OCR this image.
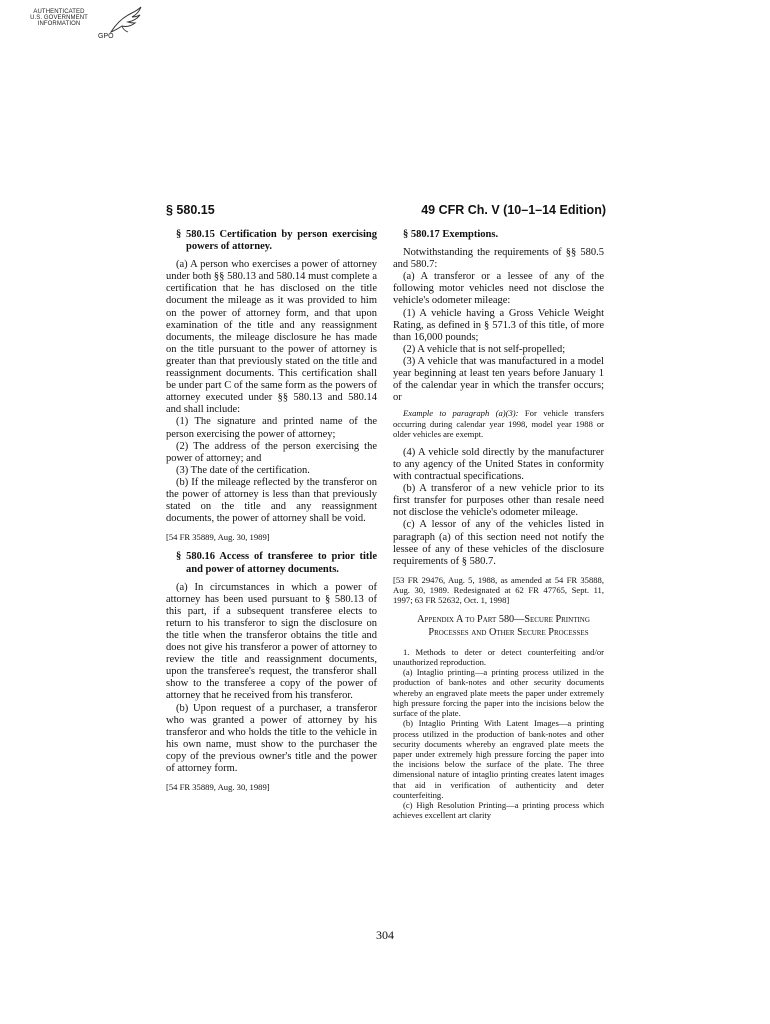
AUTHENTICATED
U.S. GOVERNMENT
INFORMATION
GPO
§ 580.15	49 CFR Ch. V (10–1–14 Edition)

§ 580.15 Certification by person exercising powers of attorney.

(a) A person who exercises a power of attorney under both §§ 580.13 and 580.14 must complete a certification that he has disclosed on the title document the mileage as it was provided to him on the power of attorney form, and that upon examination of the title and any reassignment documents, the mileage disclosure he has made on the title pursuant to the power of attorney is greater than that previously stated on the title and reassignment documents. This certification shall be under part C of the same form as the powers of attorney executed under §§ 580.13 and 580.14 and shall include:

(1) The signature and printed name of the person exercising the power of attorney;

(2) The address of the person exercising the power of attorney; and

(3) The date of the certification.

(b) If the mileage reflected by the transferor on the power of attorney is less than that previously stated on the title and any reassignment documents, the power of attorney shall be void.

[54 FR 35889, Aug. 30, 1989]

§ 580.16 Access of transferee to prior title and power of attorney documents.

(a) In circumstances in which a power of attorney has been used pursuant to § 580.13 of this part, if a subsequent transferee elects to return to his transferor to sign the disclosure on the title when the transferor obtains the title and does not give his transferor a power of attorney to review the title and reassignment documents, upon the transferee's request, the transferor shall show to the transferee a copy of the power of attorney that he received from his transferor.

(b) Upon request of a purchaser, a transferor who was granted a power of attorney by his transferor and who holds the title to the vehicle in his own name, must show to the purchaser the copy of the previous owner's title and the power of attorney form.

[54 FR 35889, Aug. 30, 1989]

§ 580.17 Exemptions.

Notwithstanding the requirements of §§ 580.5 and 580.7:

(a) A transferor or a lessee of any of the following motor vehicles need not disclose the vehicle's odometer mileage:

(1) A vehicle having a Gross Vehicle Weight Rating, as defined in § 571.3 of this title, of more than 16,000 pounds;

(2) A vehicle that is not self-propelled;

(3) A vehicle that was manufactured in a model year beginning at least ten years before January 1 of the calendar year in which the transfer occurs; or

Example to paragraph (a)(3): For vehicle transfers occurring during calendar year 1998, model year 1988 or older vehicles are exempt.

(4) A vehicle sold directly by the manufacturer to any agency of the United States in conformity with contractual specifications.

(b) A transferor of a new vehicle prior to its first transfer for purposes other than resale need not disclose the vehicle's odometer mileage.

(c) A lessor of any of the vehicles listed in paragraph (a) of this section need not notify the lessee of any of these vehicles of the disclosure requirements of § 580.7.

[53 FR 29476, Aug. 5, 1988, as amended at 54 FR 35888, Aug. 30, 1989. Redesignated at 62 FR 47765, Sept. 11, 1997; 63 FR 52632, Oct. 1, 1998]

Appendix A to Part 580—Secure Printing Processes and Other Secure Processes

1. Methods to deter or detect counterfeiting and/or unauthorized reproduction.

(a) Intaglio printing—a printing process utilized in the production of bank-notes and other security documents whereby an engraved plate meets the paper under extremely high pressure forcing the paper into the incisions below the surface of the plate.

(b) Intaglio Printing With Latent Images—a printing process utilized in the production of bank-notes and other security documents whereby an engraved plate meets the paper under extremely high pressure forcing the paper into the incisions below the surface of the plate. The three dimensional nature of intaglio printing creates latent images that aid in verification of authenticity and deter counterfeiting.

(c) High Resolution Printing—a printing process which achieves excellent art clarity

304
